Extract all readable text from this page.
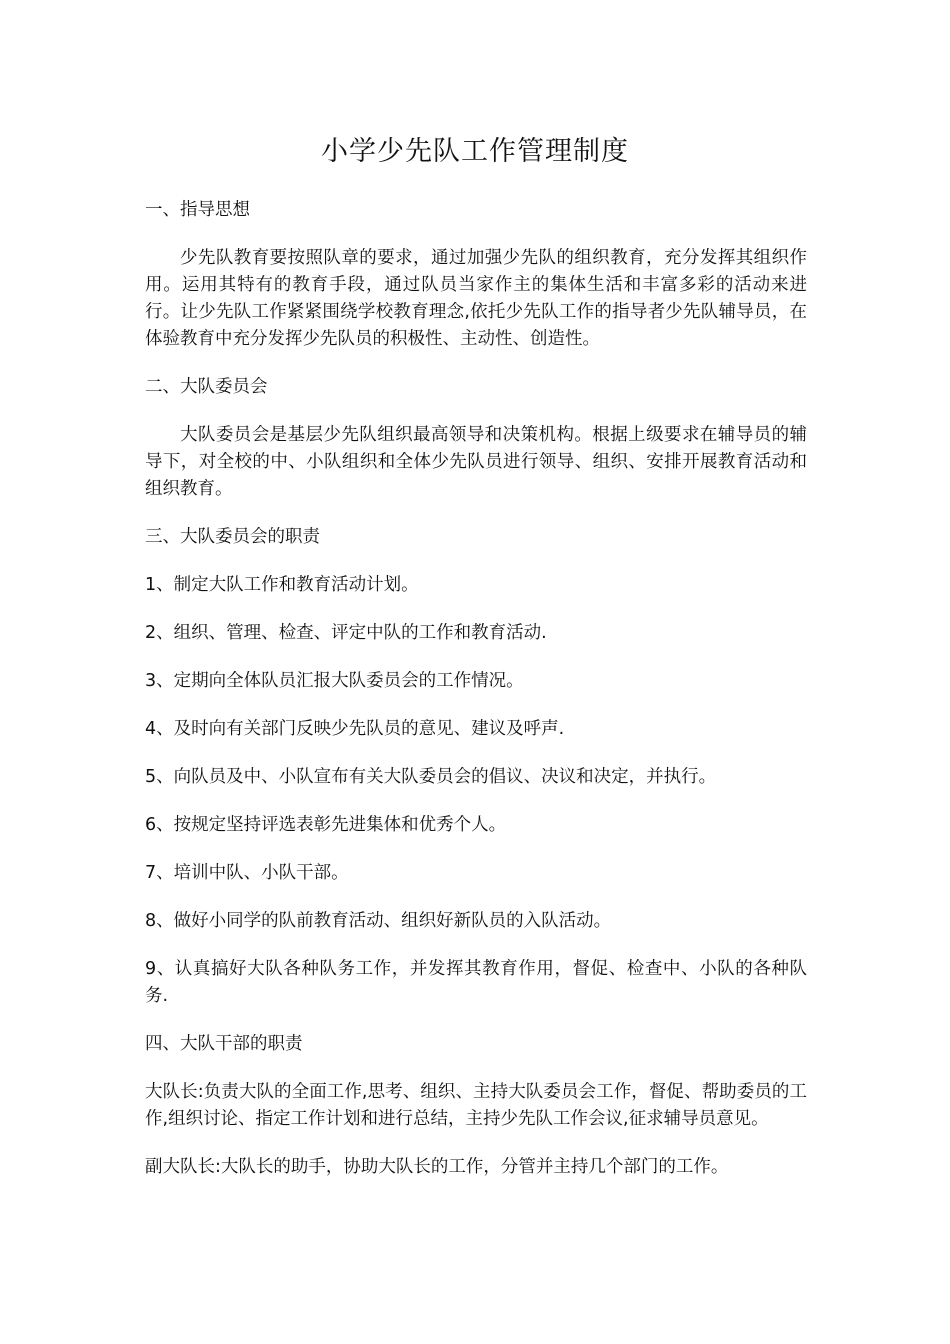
小学少先队工作管理制度

一、指导思想

少先队教育要按照队章的要求，通过加强少先队的组织教育，充分发挥其组织作用。运用其特有的教育手段，通过队员当家作主的集体生活和丰富多彩的活动来进行。让少先队工作紧紧围绕学校教育理念,依托少先队工作的指导者少先队辅导员，在体验教育中充分发挥少先队员的积极性、主动性、创造性。

二、大队委员会

大队委员会是基层少先队组织最高领导和决策机构。根据上级要求在辅导员的辅导下，对全校的中、小队组织和全体少先队员进行领导、组织、安排开展教育活动和组织教育。

三、大队委员会的职责

1、制定大队工作和教育活动计划。

2、组织、管理、检查、评定中队的工作和教育活动.

3、定期向全体队员汇报大队委员会的工作情况。

4、及时向有关部门反映少先队员的意见、建议及呼声.

5、向队员及中、小队宣布有关大队委员会的倡议、决议和决定，并执行。

6、按规定坚持评选表彰先进集体和优秀个人。

7、培训中队、小队干部。

8、做好小同学的队前教育活动、组织好新队员的入队活动。

9、认真搞好大队各种队务工作，并发挥其教育作用，督促、检查中、小队的各种队务.

四、大队干部的职责

大队长:负责大队的全面工作,思考、组织、主持大队委员会工作，督促、帮助委员的工作,组织讨论、指定工作计划和进行总结，主持少先队工作会议,征求辅导员意见。

副大队长:大队长的助手，协助大队长的工作，分管并主持几个部门的工作。
